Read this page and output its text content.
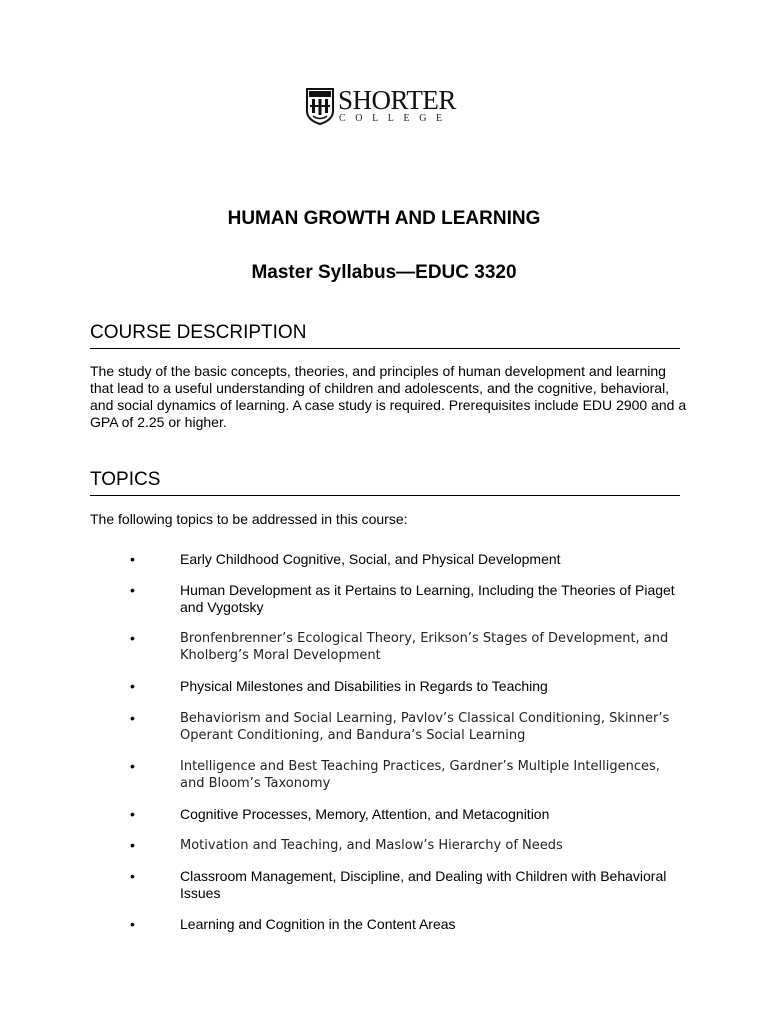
SHORTER
COLLEGE
HUMAN GROWTH AND LEARNING
Master Syllabus—EDUC 3320
COURSE DESCRIPTION

The study of the basic concepts, theories, and principles of human development and learning that lead to a useful understanding of children and adolescents, and the cognitive, behavioral, and social dynamics of learning. A case study is required. Prerequisites include EDU 2900 and a GPA of 2.25 or higher.

TOPICS

The following topics to be addressed in this course:

•	Early Childhood Cognitive, Social, and Physical Development
•	Human Development as it Pertains to Learning, Including the Theories of Piaget and Vygotsky
•	Bronfenbrenner’s Ecological Theory, Erikson’s Stages of Development, and Kholberg’s Moral Development
•	Physical Milestones and Disabilities in Regards to Teaching
•	Behaviorism and Social Learning, Pavlov’s Classical Conditioning, Skinner’s Operant Conditioning, and Bandura’s Social Learning
•	Intelligence and Best Teaching Practices, Gardner’s Multiple Intelligences, and Bloom’s Taxonomy
•	Cognitive Processes, Memory, Attention, and Metacognition
•	Motivation and Teaching, and Maslow’s Hierarchy of Needs
•	Classroom Management, Discipline, and Dealing with Children with Behavioral Issues
•	Learning and Cognition in the Content Areas
